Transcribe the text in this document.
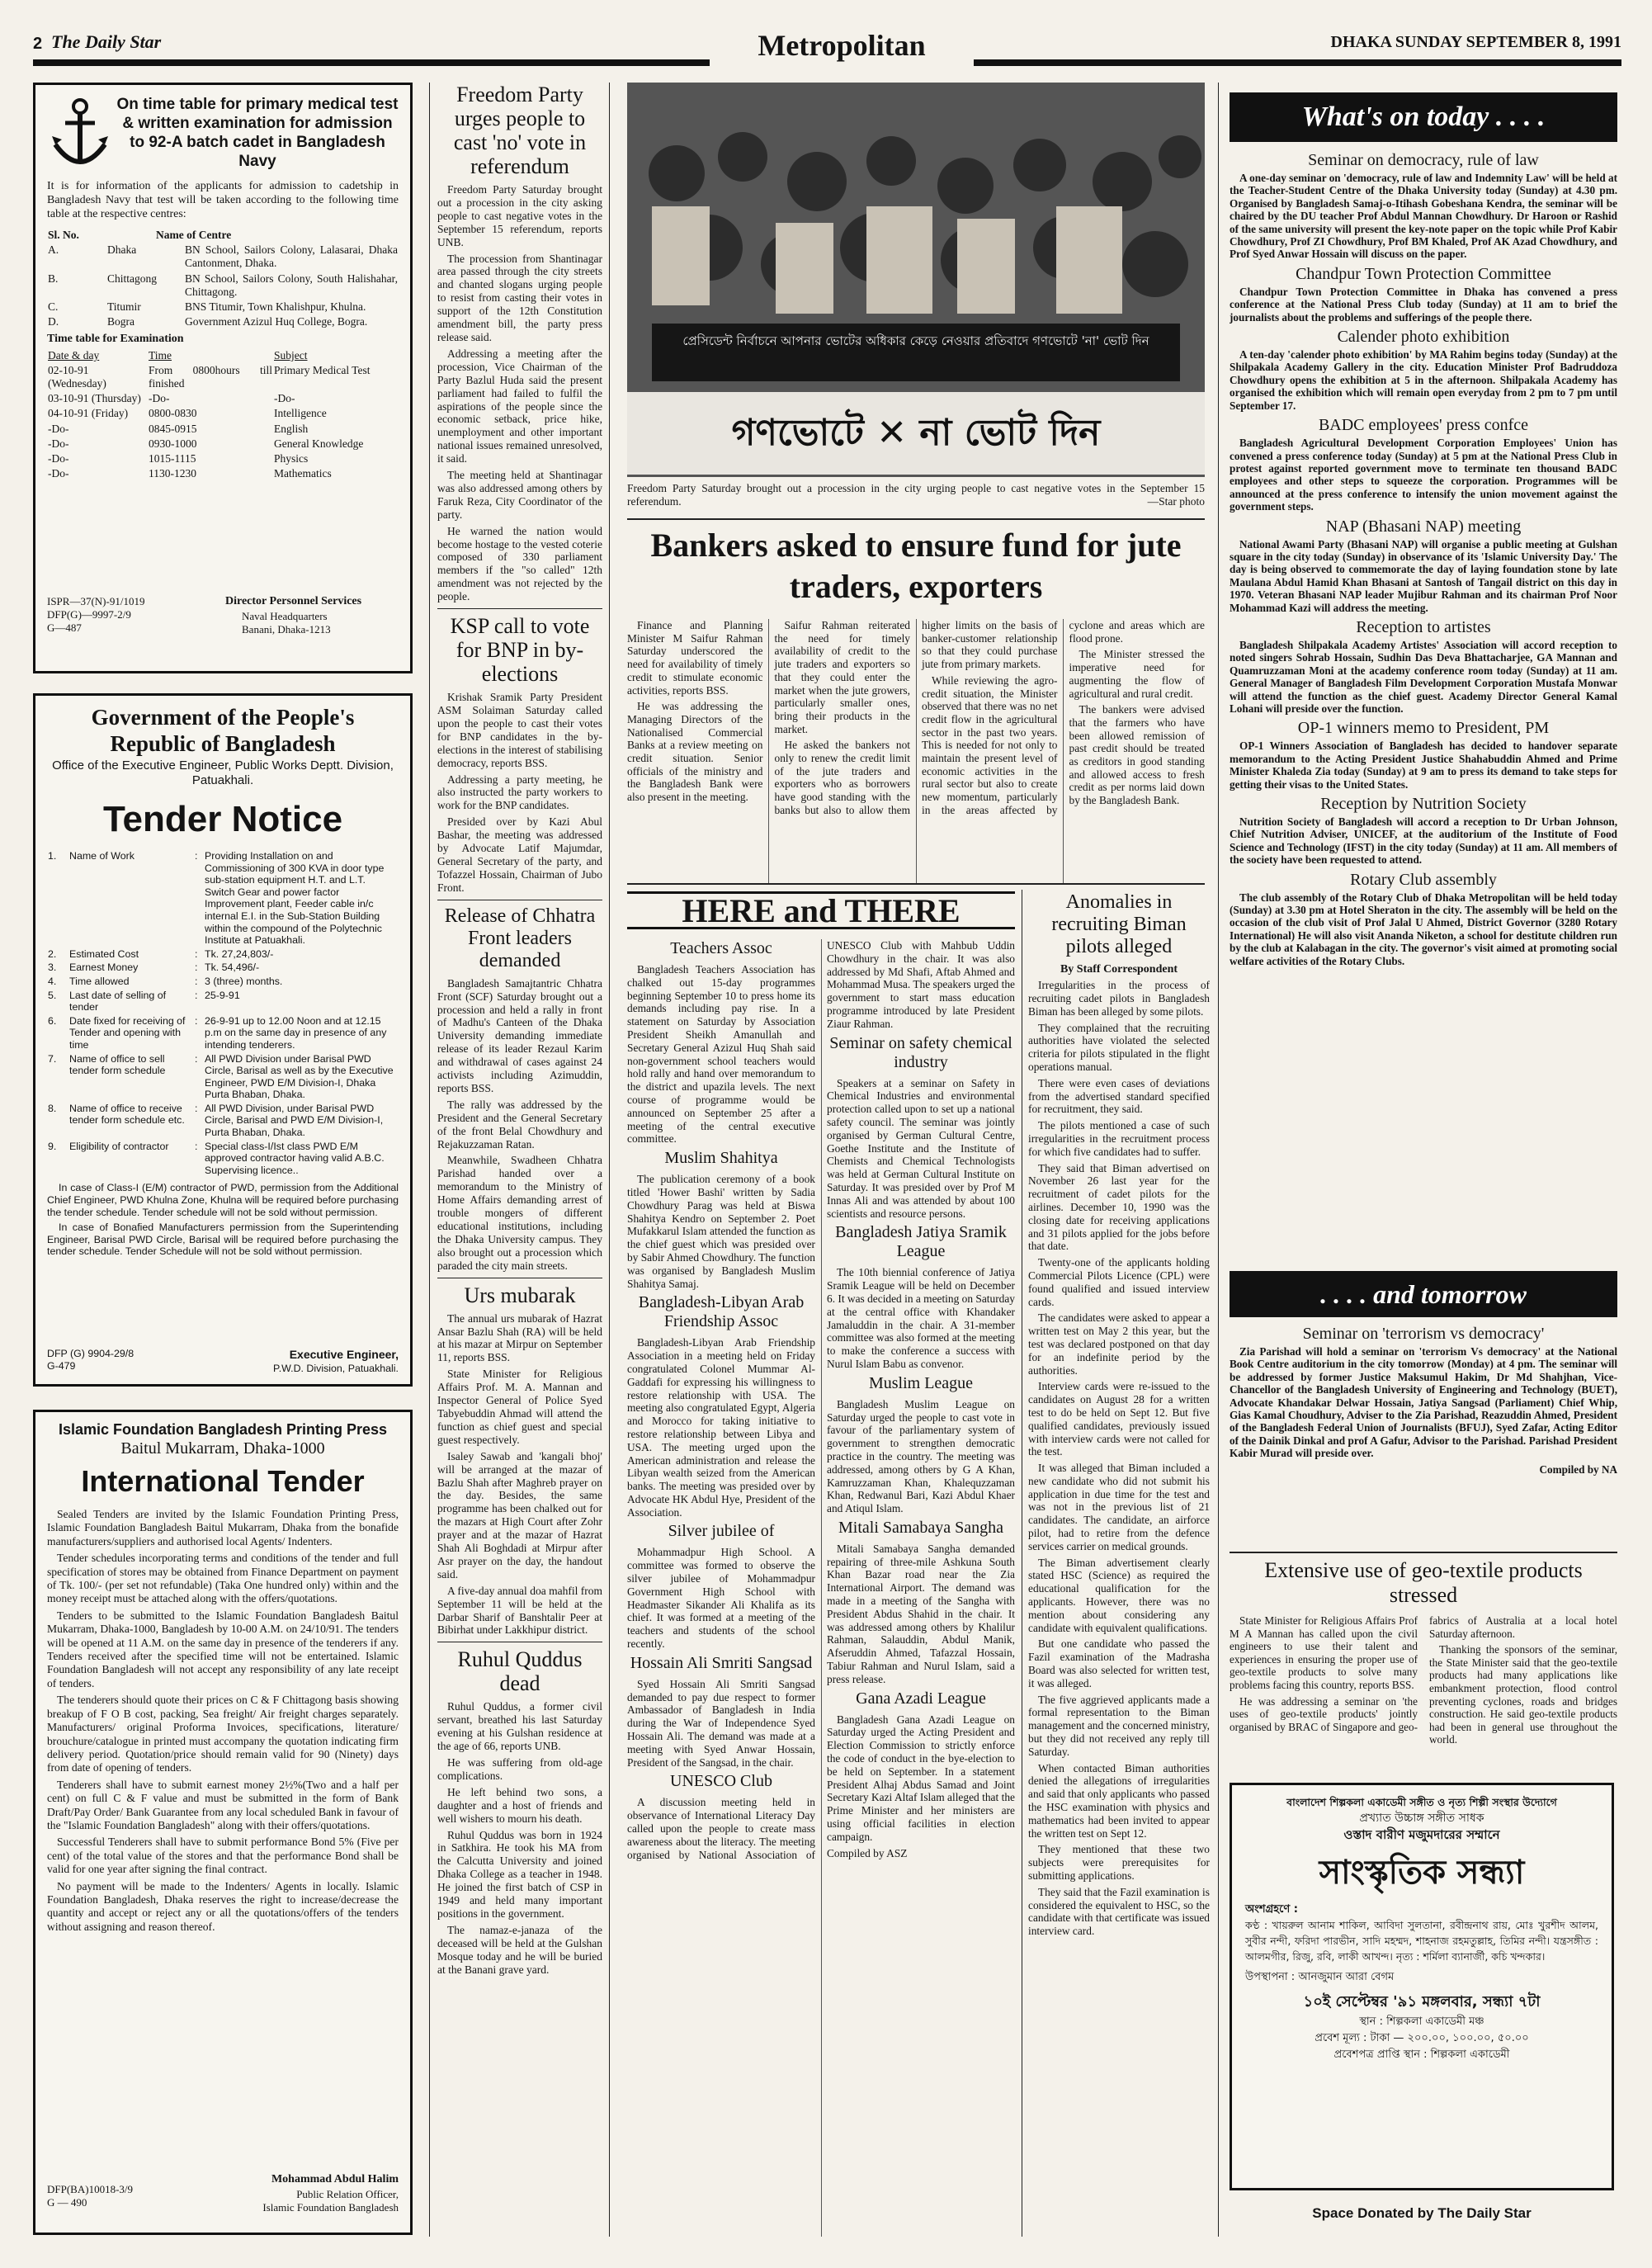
2 The Daily Star	Metropolitan	DHAKA SUNDAY SEPTEMBER 8, 1991
On time table for primary medical test & written examination for admission to 92-A batch cadet in Bangladesh Navy
It is for information of the applicants for admission to cadetship in Bangladesh Navy that test will be taken according to the following time table at the respective centres:
Sl. No.	Name of Centre	
A.	Dhaka	BN School, Sailors Colony, Lalasarai, Dhaka Cantonment, Dhaka.
B.	Chittagong	BN School, Sailors Colony, South Halishahar, Chittagong.
C.	Titumir	BNS Titumir, Town Khalishpur, Khulna.
D.	Bogra	Government Azizul Huq College, Bogra.
Time table for Examination
Date & day	Time	Subject
02-10-91 (Wednesday)	From 0800hours till finished	Primary Medical Test
03-10-91 (Thursday)	-Do-	-Do-
04-10-91 (Friday)	0800-0830	Intelligence
-Do-	0845-0915	English
-Do-	0930-1000	General Knowledge
-Do-	1015-1115	Physics
-Do-	1130-1230	Mathematics
ISPR—37(N)-91/1019
DFP(G)—9997-2/9
G—487
Director Personnel Services
Naval Headquarters
Banani, Dhaka-1213
Government of the People's Republic of Bangladesh
Office of the Executive Engineer, Public Works Deptt. Division, Patuakhali.
Tender Notice
1.	Name of Work	:	Providing Installation on and Commissioning of 300 KVA in door type sub-station equipment H.T. and L.T. Switch Gear and power factor Improvement plant, Feeder cable in/c internal E.I. in the Sub-Station Building within the compound of the Polytechnic Institute at Patuakhali.
2.	Estimated Cost	:	Tk. 27,24,803/-
3.	Earnest Money	:	Tk. 54,496/-
4.	Time allowed	:	3 (three) months.
5.	Last date of selling of tender	:	25-9-91
6.	Date fixed for receiving of Tender and opening with time	:	26-9-91 up to 12.00 Noon and at 12.15 p.m on the same day in presence of any intending tenderers.
7.	Name of office to sell tender form schedule	:	All PWD Division under Barisal PWD Circle, Barisal as well as by the Executive Engineer, PWD E/M Division-I, Dhaka Purta Bhaban, Dhaka.
8.	Name of office to receive tender form schedule etc.	:	All PWD Division, under Barisal PWD Circle, Barisal and PWD E/M Division-I, Purta Bhaban, Dhaka.
9.	Eligibility of contractor	:	Special class-I/Ist class PWD E/M approved contractor having valid A.B.C. Supervising licence..
In case of Class-I (E/M) contractor of PWD, permission from the Additional Chief Engineer, PWD Khulna Zone, Khulna will be required before purchasing the tender schedule. Tender schedule will not be sold without permission.
In case of Bonafied Manufacturers permission from the Superintending Engineer, Barisal PWD Circle, Barisal will be required before purchasing the tender schedule. Tender Schedule will not be sold without permission.
DFP (G) 9904-29/8
G-479
Executive Engineer,
P.W.D. Division, Patuakhali.
Islamic Foundation Bangladesh Printing Press
Baitul Mukarram, Dhaka-1000
International Tender

Sealed Tenders are invited by the Islamic Foundation Printing Press, Islamic Foundation Bangladesh Baitul Mukarram, Dhaka from the bonafide manufacturers/suppliers and authorised local Agents/ Indenters.

Tender schedules incorporating terms and conditions of the tender and full specification of stores may be obtained from Finance Department on payment of Tk. 100/- (per set not refundable) (Taka One hundred only) within and the money receipt must be attached along with the offers/quotations.

Tenders to be submitted to the Islamic Foundation Bangladesh Baitul Mukarram, Dhaka-1000, Bangladesh by 10-00 A.M. on 24/10/91. The tenders will be opened at 11 A.M. on the same day in presence of the tenderers if any. Tenders received after the specified time will not be entertained. Islamic Foundation Bangladesh will not accept any responsibility of any late receipt of tenders.

The tenderers should quote their prices on C & F Chittagong basis showing breakup of F O B cost, packing, Sea freight/ Air freight charges separately. Manufacturers/ original Proforma Invoices, specifications, literature/ brouchure/catalogue in printed must accompany the quotation indicating firm delivery period. Quotation/price should remain valid for 90 (Ninety) days from date of opening of tenders.

Tenderers shall have to submit earnest money 2½%(Two and a half per cent) on full C & F value and must be submitted in the form of Bank Draft/Pay Order/ Bank Guarantee from any local scheduled Bank in favour of the "Islamic Foundation Bangladesh" along with their offers/quotations.

Successful Tenderers shall have to submit performance Bond 5% (Five per cent) of the total value of the stores and that the performance Bond shall be valid for one year after signing the final contract.

No payment will be made to the Indenters/ Agents in locally. Islamic Foundation Bangladesh, Dhaka reserves the right to increase/decrease the quantity and accept or reject any or all the quotations/offers of the tenders without assigning and reason thereof.

DFP(BA)10018-3/9
G — 490
Mohammad Abdul Halim
Public Relation Officer,
Islamic Foundation Bangladesh
Freedom Party urges people to cast 'no' vote in referendum

Freedom Party Saturday brought out a procession in the city asking people to cast negative votes in the September 15 referendum, reports UNB.

The procession from Shantinagar area passed through the city streets and chanted slogans urging people to resist from casting their votes in support of the 12th Constitution amendment bill, the party press release said.

Addressing a meeting after the procession, Vice Chairman of the Party Bazlul Huda said the present parliament had failed to fulfil the aspirations of the people since the economic setback, price hike, unemployment and other important national issues remained unresolved, it said.

The meeting held at Shantinagar was also addressed among others by Faruk Reza, City Coordinator of the party.

He warned the nation would become hostage to the vested coterie composed of 330 parliament members if the "so called" 12th amendment was not rejected by the people.

KSP call to vote for BNP in by-elections

Krishak Sramik Party President ASM Solaiman Saturday called upon the people to cast their votes for BNP candidates in the by-elections in the interest of stabilising democracy, reports BSS.

Addressing a party meeting, he also instructed the party workers to work for the BNP candidates.

Presided over by Kazi Abul Bashar, the meeting was addressed by Advocate Latif Majumdar, General Secretary of the party, and Tofazzel Hossain, Chairman of Jubo Front.

Release of Chhatra Front leaders demanded

Bangladesh Samajtantric Chhatra Front (SCF) Saturday brought out a procession and held a rally in front of Madhu's Canteen of the Dhaka University demanding immediate release of its leader Rezaul Karim and withdrawal of cases against 24 activists including Azimuddin, reports BSS.

The rally was addressed by the President and the General Secretary of the front Belal Chowdhury and Rejakuzzaman Ratan.

Meanwhile, Swadheen Chhatra Parishad handed over a memorandum to the Ministry of Home Affairs demanding arrest of trouble mongers of different educational institutions, including the Dhaka University campus. They also brought out a procession which paraded the city main streets.

Urs mubarak

The annual urs mubarak of Hazrat Ansar Bazlu Shah (RA) will be held at his mazar at Mirpur on September 11, reports BSS.

State Minister for Religious Affairs Prof. M. A. Mannan and Inspector General of Police Syed Tabyebuddin Ahmad will attend the function as chief guest and special guest respectively.

Isaley Sawab and 'kangali bhoj' will be arranged at the mazar of Bazlu Shah after Maghreb prayer on the day. Besides, the same programme has been chalked out for the mazars at High Court after Zohr prayer and at the mazar of Hazrat Shah Ali Boghdadi at Mirpur after Asr prayer on the day, the handout said.

A five-day annual doa mahfil from September 11 will be held at the Darbar Sharif of Banshtalir Peer at Bibirhat under Lakkhipur district.

Ruhul Quddus dead

Ruhul Quddus, a former civil servant, breathed his last Saturday evening at his Gulshan residence at the age of 66, reports UNB.

He was suffering from old-age complications.

He left behind two sons, a daughter and a host of friends and well wishers to mourn his death.

Ruhul Quddus was born in 1924 in Satkhira. He took his MA from the Calcutta University and joined Dhaka College as a teacher in 1948. He joined the first batch of CSP in 1949 and held many important positions in the government.

The namaz-e-janaza of the deceased will be held at the Gulshan Mosque today and he will be buried at the Banani grave yard.

প্রেসিডেন্ট নির্বাচনে আপনার ভোটের অধিকার কেড়ে নেওয়ার প্রতিবাদে গণভোটে 'না' ভোট দিন
গণভোটে ✕ না ভোট দিন
Freedom Party Saturday brought out a procession in the city urging people to cast negative votes in the September 15 referendum.	—Star photo
Bankers asked to ensure fund for jute traders, exporters

Finance and Planning Minister M Saifur Rahman Saturday underscored the need for availability of timely credit to stimulate economic activities, reports BSS.

He was addressing the Managing Directors of the Nationalised Commercial Banks at a review meeting on credit situation. Senior officials of the ministry and the Bangladesh Bank were also present in the meeting.

Saifur Rahman reiterated the need for timely availability of credit to the jute traders and exporters so that they could enter the market when the jute growers, particularly smaller ones, bring their products in the market.

He asked the bankers not only to renew the credit limit of the jute traders and exporters who as borrowers have good standing with the banks but also to allow them higher limits on the basis of banker-customer relationship so that they could purchase jute from primary markets.

While reviewing the agro-credit situation, the Minister observed that there was no net credit flow in the agricultural sector in the past two years. This is needed for not only to maintain the present level of economic activities in the rural sector but also to create new momentum, particularly in the areas affected by cyclone and areas which are flood prone.

The Minister stressed the imperative need for augmenting the flow of agricultural and rural credit.

The bankers were advised that the farmers who have been allowed remission of past credit should be treated as creditors in good standing and allowed access to fresh credit as per norms laid down by the Bangladesh Bank.

HERE and THERE
Teachers Assoc

Bangladesh Teachers Association has chalked out 15-day programmes beginning September 10 to press home its demands including pay rise. In a statement on Saturday by Association President Sheikh Amanullah and Secretary General Azizul Huq Shah said non-government school teachers would hold rally and hand over memorandum to the district and upazila levels. The next course of programme would be announced on September 25 after a meeting of the central executive committee.

Muslim Shahitya

The publication ceremony of a book titled 'Hower Bashi' written by Sadia Chowdhury Parag was held at Biswa Shahitya Kendro on September 2. Poet Mufakkarul Islam attended the function as the chief guest which was presided over by Sabir Ahmed Chowdhury. The function was organised by Bangladesh Muslim Shahitya Samaj.

Bangladesh-Libyan Arab Friendship Assoc

Bangladesh-Libyan Arab Friendship Association in a meeting held on Friday congratulated Colonel Mummar Al-Gaddafi for expressing his willingness to restore relationship with USA. The meeting also congratulated Egypt, Algeria and Morocco for taking initiative to restore relationship between Libya and USA. The meeting urged upon the American administration and release the Libyan wealth seized from the American banks. The meeting was presided over by Advocate HK Abdul Hye, President of the Association.

Silver jubilee of

Mohammadpur High School. A committee was formed to observe the silver jubilee of Mohammadpur Government High School with Headmaster Sikander Ali Khalifa as its chief. It was formed at a meeting of the teachers and students of the school recently.

Hossain Ali Smriti Sangsad

Syed Hossain Ali Smriti Sangsad demanded to pay due respect to former Ambassador of Bangladesh in India during the War of Independence Syed Hossain Ali. The demand was made at a meeting with Syed Anwar Hossain, President of the Sangsad, in the chair.

UNESCO Club

A discussion meeting held in observance of International Literacy Day called upon the people to create mass awareness about the literacy. The meeting organised by National Association of UNESCO Club with Mahbub Uddin Chowdhury in the chair. It was also addressed by Md Shafi, Aftab Ahmed and Mohammad Musa. The speakers urged the government to start mass education programme introduced by late President Ziaur Rahman.

Seminar on safety chemical industry

Speakers at a seminar on Safety in Chemical Industries and environmental protection called upon to set up a national safety council. The seminar was jointly organised by German Cultural Centre, Goethe Institute and the Institute of Chemists and Chemical Technologists was held at German Cultural Institute on Saturday. It was presided over by Prof M Innas Ali and was attended by about 100 scientists and resource persons.

Bangladesh Jatiya Sramik League

The 10th biennial conference of Jatiya Sramik League will be held on December 6. It was decided in a meeting on Saturday at the central office with Khandaker Jamaluddin in the chair. A 31-member committee was also formed at the meeting to make the conference a success with Nurul Islam Babu as convenor.

Muslim League

Bangladesh Muslim League on Saturday urged the people to cast vote in favour of the parliamentary system of government to strengthen democratic practice in the country. The meeting was addressed, among others by G A Khan, Kamruzzaman Khan, Khalequzzaman Khan, Redwanul Bari, Kazi Abdul Khaer and Atiqul Islam.

Mitali Samabaya Sangha

Mitali Samabaya Sangha demanded repairing of three-mile Ashkuna South Khan Bazar road near the Zia International Airport. The demand was made in a meeting of the Sangha with President Abdus Shahid in the chair. It was addressed among others by Khalilur Rahman, Salauddin, Abdul Manik, Afseruddin Ahmed, Tafazzal Hossain, Tabiur Rahman and Nurul Islam, said a press release.

Gana Azadi League

Bangladesh Gana Azadi League on Saturday urged the Acting President and Election Commission to strictly enforce the code of conduct in the bye-election to be held on September. In a statement President Alhaj Abdus Samad and Joint Secretary Kazi Altaf Islam alleged that the Prime Minister and her ministers are using official facilities in election campaign.

Compiled by ASZ

Anomalies in recruiting Biman pilots alleged
By Staff Correspondent

Irregularities in the process of recruiting cadet pilots in Bangladesh Biman has been alleged by some pilots.

They complained that the recruiting authorities have violated the selected criteria for pilots stipulated in the flight operations manual.

There were even cases of deviations from the advertised standard specified for recruitment, they said.

The pilots mentioned a case of such irregularities in the recruitment process for which five candidates had to suffer.

They said that Biman advertised on November 26 last year for the recruitment of cadet pilots for the airlines. December 10, 1990 was the closing date for receiving applications and 31 pilots applied for the jobs before that date.

Twenty-one of the applicants holding Commercial Pilots Licence (CPL) were found qualified and issued interview cards.

The candidates were asked to appear a written test on May 2 this year, but the test was declared postponed on that day for an indefinite period by the authorities.

Interview cards were re-issued to the candidates on August 28 for a written test to do be held on Sept 12. But five qualified candidates, previously issued with interview cards were not called for the test.

It was alleged that Biman included a new candidate who did not submit his application in due time for the test and was not in the previous list of 21 candidates. The candidate, an airforce pilot, had to retire from the defence services carrier on medical grounds.

The Biman advertisement clearly stated HSC (Science) as required the educational qualification for the applicants. However, there was no mention about considering any candidate with equivalent qualifications.

But one candidate who passed the Fazil examination of the Madrasha Board was also selected for written test, it was alleged.

The five aggrieved applicants made a formal representation to the Biman management and the concerned ministry, but they did not received any reply till Saturday.

When contacted Biman authorities denied the allegations of irregularities and said that only applicants who passed the HSC examination with physics and mathematics had been invited to appear the written test on Sept 12.

They mentioned that these two subjects were prerequisites for submitting applications.

They said that the Fazil examination is considered the equivalent to HSC, so the candidate with that certificate was issued interview card.

What's on today . . . .
Seminar on democracy, rule of law

A one-day seminar on 'democracy, rule of law and Indemnity Law' will be held at the Teacher-Student Centre of the Dhaka University today (Sunday) at 4.30 pm. Organised by Bangladesh Samaj-o-Itihash Gobeshana Kendra, the seminar will be chaired by the DU teacher Prof Abdul Mannan Chowdhury. Dr Haroon or Rashid of the same university will present the key-note paper on the topic while Prof Kabir Chowdhury, Prof ZI Chowdhury, Prof BM Khaled, Prof AK Azad Chowdhury, and Prof Syed Anwar Hossain will discuss on the paper.

Chandpur Town Protection Committee

Chandpur Town Protection Committee in Dhaka has convened a press conference at the National Press Club today (Sunday) at 11 am to brief the journalists about the problems and sufferings of the people there.

Calender photo exhibition

A ten-day 'calender photo exhibition' by MA Rahim begins today (Sunday) at the Shilpakala Academy Gallery in the city. Education Minister Prof Badruddoza Chowdhury opens the exhibition at 5 in the afternoon. Shilpakala Academy has organised the exhibition which will remain open everyday from 2 pm to 7 pm until September 17.

BADC employees' press confce

Bangladesh Agricultural Development Corporation Employees' Union has convened a press conference today (Sunday) at 5 pm at the National Press Club in protest against reported government move to terminate ten thousand BADC employees and other steps to squeeze the corporation. Programmes will be announced at the press conference to intensify the union movement against the government steps.

NAP (Bhasani NAP) meeting

National Awami Party (Bhasani NAP) will organise a public meeting at Gulshan square in the city today (Sunday) in observance of its 'Islamic University Day.' The day is being observed to commemorate the day of laying foundation stone by late Maulana Abdul Hamid Khan Bhasani at Santosh of Tangail district on this day in 1970. Veteran Bhasani NAP leader Mujibur Rahman and its chairman Prof Noor Mohammad Kazi will address the meeting.

Reception to artistes

Bangladesh Shilpakala Academy Artistes' Association will accord reception to noted singers Sohrab Hossain, Sudhin Das Deva Bhattacharjee, GA Mannan and Quamruzzaman Moni at the academy conference room today (Sunday) at 11 am. General Manager of Bangladesh Film Development Corporation Mustafa Monwar will attend the function as the chief guest. Academy Director General Kamal Lohani will preside over the function.

OP-1 winners memo to President, PM

OP-1 Winners Association of Bangladesh has decided to handover separate memorandum to the Acting President Justice Shahabuddin Ahmed and Prime Minister Khaleda Zia today (Sunday) at 9 am to press its demand to take steps for getting their visas to the United States.

Reception by Nutrition Society

Nutrition Society of Bangladesh will accord a reception to Dr Urban Johnson, Chief Nutrition Adviser, UNICEF, at the auditorium of the Institute of Food Science and Technology (IFST) in the city today (Sunday) at 11 am. All members of the society have been requested to attend.

Rotary Club assembly

The club assembly of the Rotary Club of Dhaka Metropolitan will be held today (Sunday) at 3.30 pm at Hotel Sheraton in the city. The assembly will be held on the occasion of the club visit of Prof Jalal U Ahmed, District Governor (3280 Rotary International) He will also visit Ananda Niketon, a school for destitute children run by the club at Kalabagan in the city. The governor's visit aimed at promoting social welfare activities of the Rotary Clubs.

. . . . and tomorrow
Seminar on 'terrorism vs democracy'

Zia Parishad will hold a seminar on 'terrorism Vs democracy' at the National Book Centre auditorium in the city tomorrow (Monday) at 4 pm. The seminar will be addressed by former Justice Maksumul Hakim, Dr Md Shahjhan, Vice-Chancellor of the Bangladesh University of Engineering and Technology (BUET), Advocate Khandakar Delwar Hossain, Jatiya Sangsad (Parliament) Chief Whip, Gias Kamal Choudhury, Adviser to the Zia Parishad, Reazuddin Ahmed, President of the Bangladesh Federal Union of Journalists (BFUJ), Syed Zafar, Acting Editor of the Dainik Dinkal and prof A Gafur, Advisor to the Parishad. Parishad President Kabir Murad will preside over.

Compiled by NA

Extensive use of geo-textile products stressed

State Minister for Religious Affairs Prof M A Mannan has called upon the civil engineers to use their talent and experiences in ensuring the proper use of geo-textile products to solve many problems facing this country, reports BSS.

He was addressing a seminar on 'the uses of geo-textile products' jointly organised by BRAC of Singapore and geo-fabrics of Australia at a local hotel Saturday afternoon.

Thanking the sponsors of the seminar, the State Minister said that the geo-textile products had many applications like embankment protection, flood control preventing cyclones, roads and bridges construction. He said geo-textile products had been in general use throughout the world.

বাংলাদেশ শিল্পকলা একাডেমী সঙ্গীত ও নৃত্য শিল্পী সংস্থার উদ্যোগে
প্রখ্যাত উচ্চাঙ্গ সঙ্গীত সাধক
ওস্তাদ বারীণ মজুমদারের সম্মানে
সাংস্কৃতিক সন্ধ্যা
অংশগ্রহণে :
কণ্ঠ : খায়রুল আনাম শাকিল, আবিদা সুলতানা, রবীন্দ্রনাথ রায়, মোঃ খুরশীদ আলম, সুবীর নন্দী, ফরিদা পারভীন, সাদি মহম্মদ, শাহনাজ রহমতুল্লাহ, তিমির নন্দী। যন্ত্রসঙ্গীত : আলমগীর, রিজু, রবি, লাকী আখন্দ। নৃত্য : শর্মিলা ব্যানার্জী, কচি খন্দকার।
উপস্থাপনা : আনজুমান আরা বেগম
১০ই সেপ্টেম্বর '৯১ মঙ্গলবার, সন্ধ্যা ৭টা
স্থান : শিল্পকলা একাডেমী মঞ্চ
প্রবেশ মূল্য : টাকা — ২০০.০০, ১০০.০০, ৫০.০০
প্রবেশপত্র প্রাপ্তি স্থান : শিল্পকলা একাডেমী
Space Donated by The Daily Star
